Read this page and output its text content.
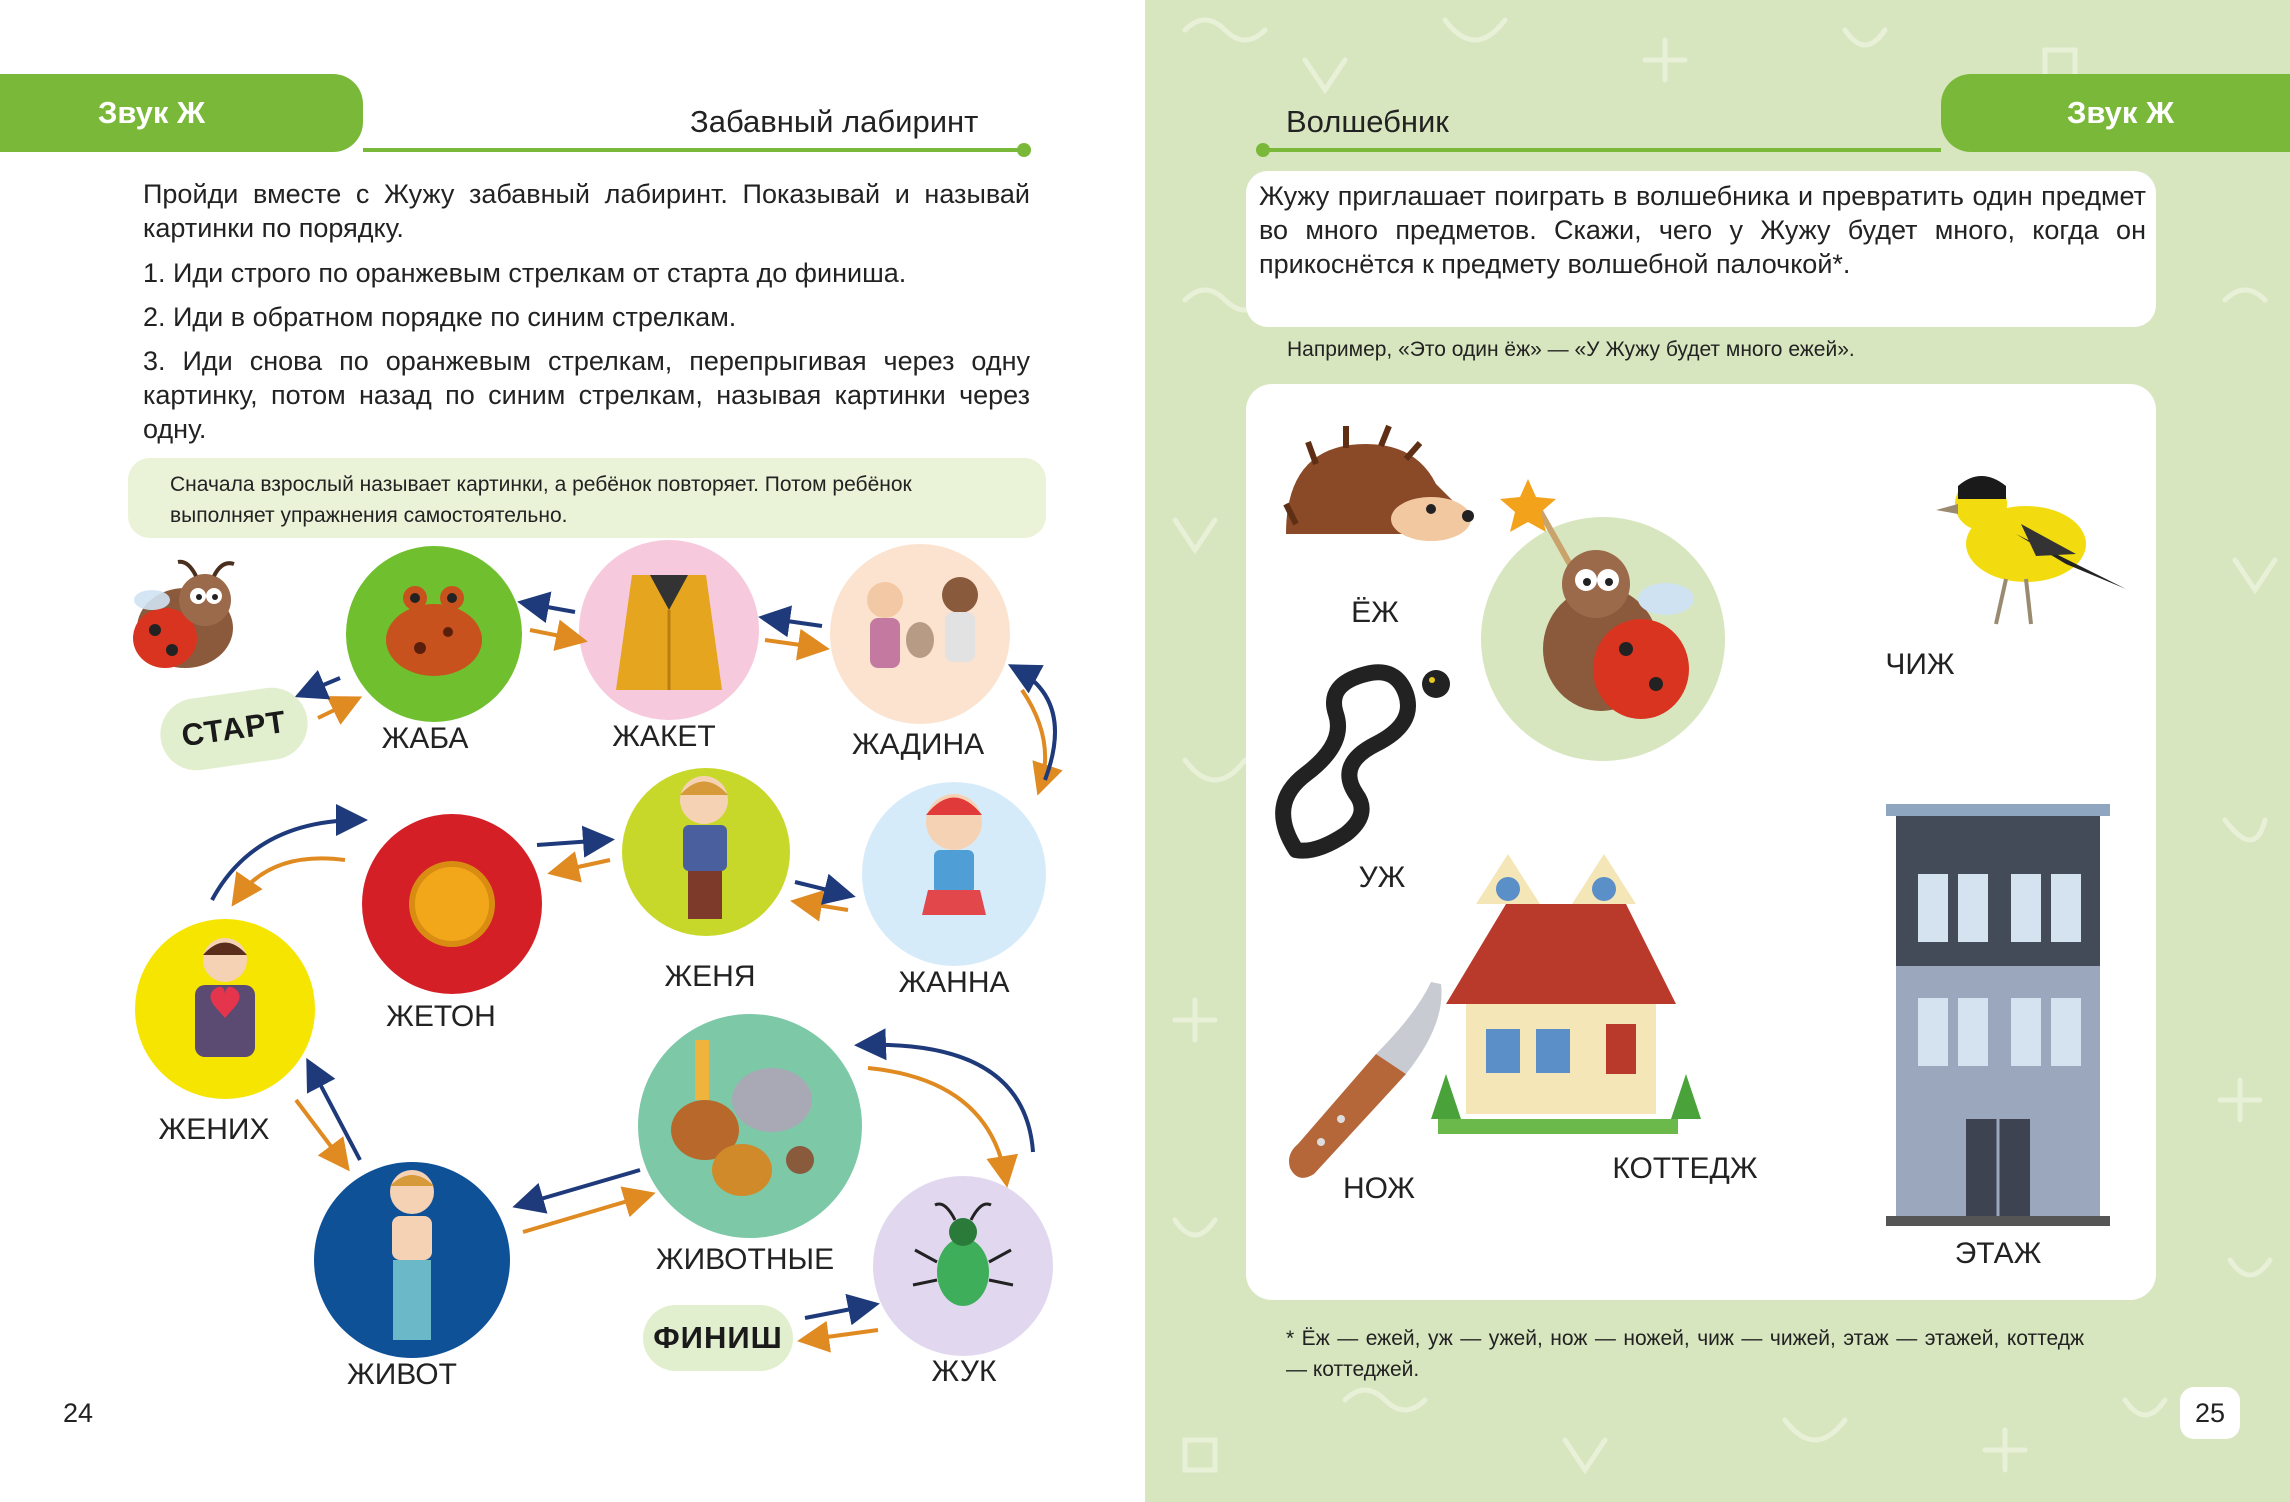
Звук Ж	Забавный лабиринт
Пройди вместе с Жужу забавный лабиринт. Показывай и называй картинки по порядку.
1. Иди строго по оранжевым стрелкам от старта до финиша.
2. Иди в обратном порядке по синим стрелкам.
3. Иди снова по оранжевым стрелкам, перепрыгивая через одну картинку, потом назад по синим стрелкам, называя картинки через одну.
Сначала взрослый называет картинки, а ребёнок повторяет. Потом ребёнок выполняет упражнения самостоятельно.
СТАРТ
ФИНИШ
ЖАБА	ЖАКЕТ	ЖАДИНА
ЖАННА
ЖЕНЯ
ЖЕТОН
ЖЕНИХ
ЖИВОТ
ЖИВОТНЫЕ
ЖУК
24
Звук Ж
Волшебник
Жужу приглашает поиграть в волшебника и превратить один предмет во много предметов. Скажи, чего у Жужу будет много, когда он прикоснётся к предмету волшебной палочкой*.
Например, «Это один ёж» — «У Жужу будет много ежей».
ЁЖ
ЧИЖ
УЖ
НОЖ
КОТТЕДЖ
ЭТАЖ
* Ёж — ежей, уж — ужей, нож — ножей, чиж — чижей, этаж — этажей, коттедж — коттеджей.
25
